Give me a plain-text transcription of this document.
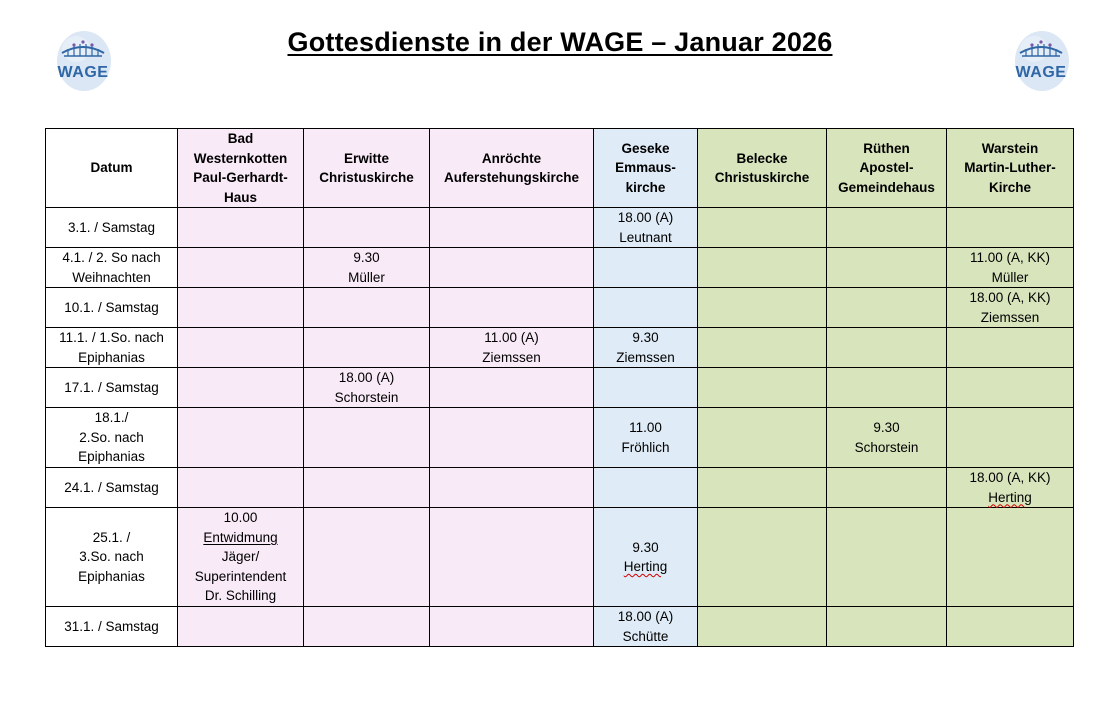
Gottesdienste in der WAGE – Januar 2026
WAGE	WAGE
Datum	Bad
Westernkotten
Paul-Gerhardt-
Haus	Erwitte
Christuskirche	Anröchte
Auferstehungskirche	Geseke
Emmaus-
kirche	Belecke
Christuskirche	Rüthen
Apostel-
Gemeindehaus	Warstein
Martin-Luther-
Kirche

3.1. / Samstag				18.00 (A)
Leutnant			

4.1. / 2. So nach
Weihnachten		9.30
Müller					11.00 (A, KK)
Müller

10.1. / Samstag							18.00 (A, KK)
Ziemssen

11.1. / 1.So. nach
Epiphanias			11.00 (A)
Ziemssen	9.30
Ziemssen			

17.1. / Samstag		18.00 (A)
Schorstein					

18.1./
2.So. nach
Epiphanias				11.00
Fröhlich		9.30
Schorstein	

24.1. / Samstag							18.00 (A, KK)
Herting

25.1. /
3.So. nach
Epiphanias	10.00
Entwidmung
Jäger/
Superintendent
Dr. Schilling			9.30
Herting			

31.1. / Samstag				18.00 (A)
Schütte			
